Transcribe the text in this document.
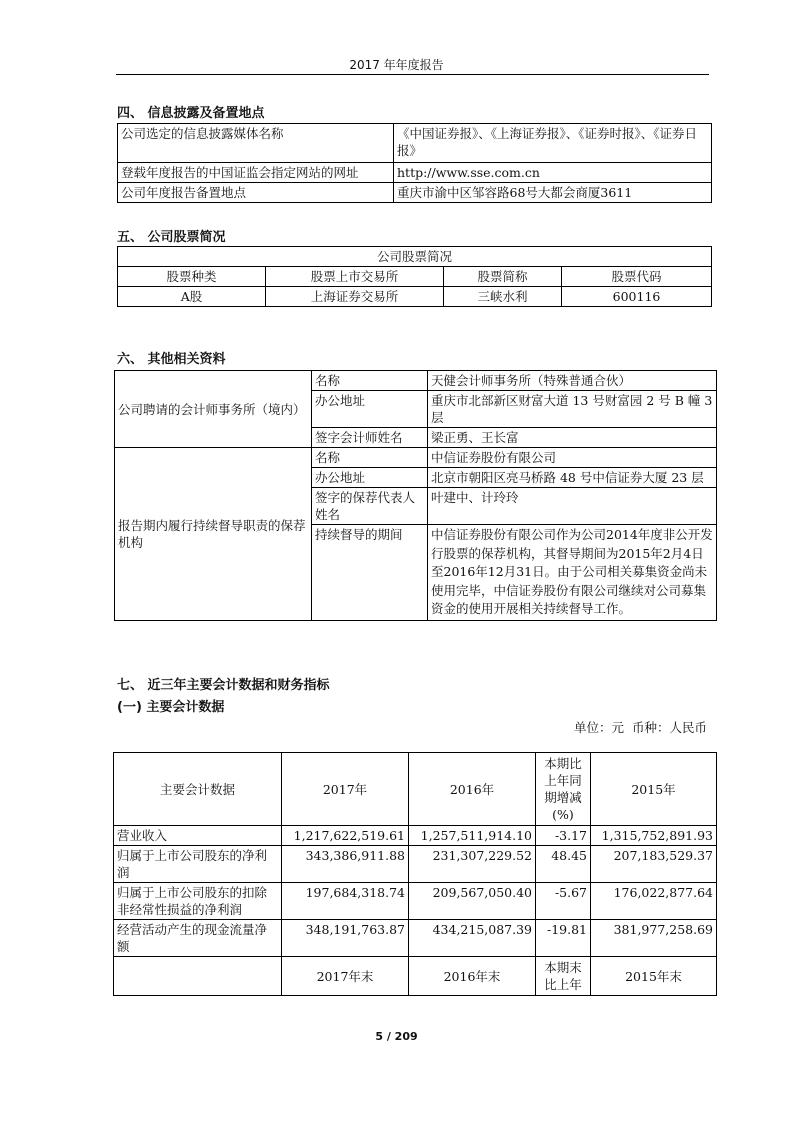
2017 年年度报告
四、 信息披露及备置地点
公司选定的信息披露媒体名称	《中国证券报》、《上海证券报》、《证券时报》、《证券日报》
登载年度报告的中国证监会指定网站的网址	http://www.sse.com.cn
公司年度报告备置地点	重庆市渝中区邹容路68号大都会商厦3611
五、 公司股票简况
公司股票简况			
股票种类	股票上市交易所	股票简称	股票代码
A股	上海证券交易所	三峡水利	600116
六、 其他相关资料
公司聘请的会计师事务所（境内）	名称	天健会计师事务所（特殊普通合伙）
	办公地址	重庆市北部新区财富大道 13 号财富园 2 号 B 幢 3 层
	签字会计师姓名	梁正勇、王长富
报告期内履行持续督导职责的保荐机构	名称	中信证券股份有限公司
	办公地址	北京市朝阳区亮马桥路 48 号中信证券大厦 23 层
	签字的保荐代表人姓名	叶建中、计玲玲
	持续督导的期间	中信证券股份有限公司作为公司2014年度非公开发行股票的保荐机构，其督导期间为2015年2月4日至2016年12月31日。由于公司相关募集资金尚未使用完毕，中信证券股份有限公司继续对公司募集资金的使用开展相关持续督导工作。
七、 近三年主要会计数据和财务指标
(一) 主要会计数据
单位：元  币种：人民币
主要会计数据	2017年	2016年	本期比上年同期增减(%)	2015年
营业收入	1,217,622,519.61	1,257,511,914.10	-3.17	1,315,752,891.93
归属于上市公司股东的净利润	343,386,911.88	231,307,229.52	48.45	207,183,529.37
归属于上市公司股东的扣除非经常性损益的净利润	197,684,318.74	209,567,050.40	-5.67	176,022,877.64
经营活动产生的现金流量净额	348,191,763.87	434,215,087.39	-19.81	381,977,258.69
	2017年末	2016年末	本期末比上年	2015年末
5 / 209
